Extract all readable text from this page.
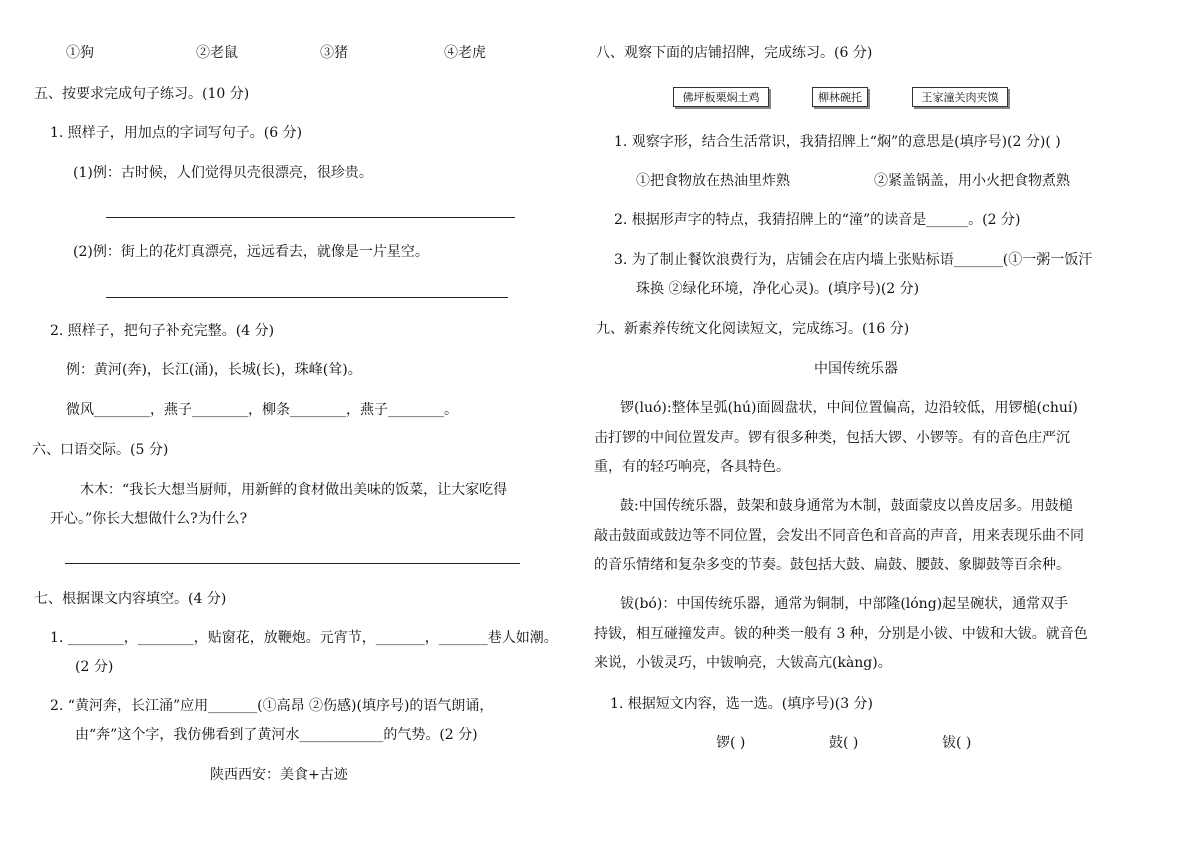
①狗	②老鼠	③猪	④老虎
五、按要求完成句子练习。(10 分)
1. 照样子，用加点的字词写句子。(6 分)
(1)例：古时候，人们觉得贝壳很漂亮，很珍贵。
(2)例：街上的花灯真漂亮，远远看去，就像是一片星空。
2. 照样子，把句子补充完整。(4 分)
例：黄河(奔)，长江(涌)，长城(长)，珠峰(耸)。
微风________，燕子________，柳条________，燕子________。
六、口语交际。(5 分)
木木：“我长大想当厨师，用新鲜的食材做出美味的饭菜，让大家吃得
开心。”你长大想做什么?为什么?
七、根据课文内容填空。(4 分)
1. ________，________，贴窗花，放鞭炮。元宵节，_______，_______巷人如潮。
(2 分)
2. “黄河奔，长江涌”应用_______(①高昂 ②伤感)(填序号)的语气朗诵，
由“奔”这个字，我仿佛看到了黄河水____________的气势。(2 分)
陕西西安：美食+古迹
八、观察下面的店铺招牌，完成练习。(6 分)
佛坪板栗焖土鸡	柳林碗托	王家潼关肉夹馍
1. 观察字形，结合生活常识，我猜招牌上“焖”的意思是(填序号)(2 分)( )
①把食物放在热油里炸熟	②紧盖锅盖，用小火把食物煮熟
2. 根据形声字的特点，我猜招牌上的“潼”的读音是______。(2 分)
3. 为了制止餐饮浪费行为，店铺会在店内墙上张贴标语_______(①一粥一饭汗
珠换 ②绿化环境，净化心灵)。(填序号)(2 分)
九、新素养传统文化阅读短文，完成练习。(16 分)
中国传统乐器
锣(luó):整体呈弧(hú)面圆盘状，中间位置偏高，边沿较低，用锣槌(chuí)
击打锣的中间位置发声。锣有很多种类，包括大锣、小锣等。有的音色庄严沉
重，有的轻巧响亮，各具特色。
鼓:中国传统乐器，鼓架和鼓身通常为木制，鼓面蒙皮以兽皮居多。用鼓槌
敲击鼓面或鼓边等不同位置，会发出不同音色和音高的声音，用来表现乐曲不同
的音乐情绪和复杂多变的节奏。鼓包括大鼓、扁鼓、腰鼓、象脚鼓等百余种。
钹(bó)：中国传统乐器，通常为铜制，中部隆(lóng)起呈碗状，通常双手
持钹，相互碰撞发声。钹的种类一般有 3 种，分别是小钹、中钹和大钹。就音色
来说，小钹灵巧，中钹响亮，大钹高亢(kàng)。
1. 根据短文内容，选一选。(填序号)(3 分)
锣( )	鼓( )	钹( )
